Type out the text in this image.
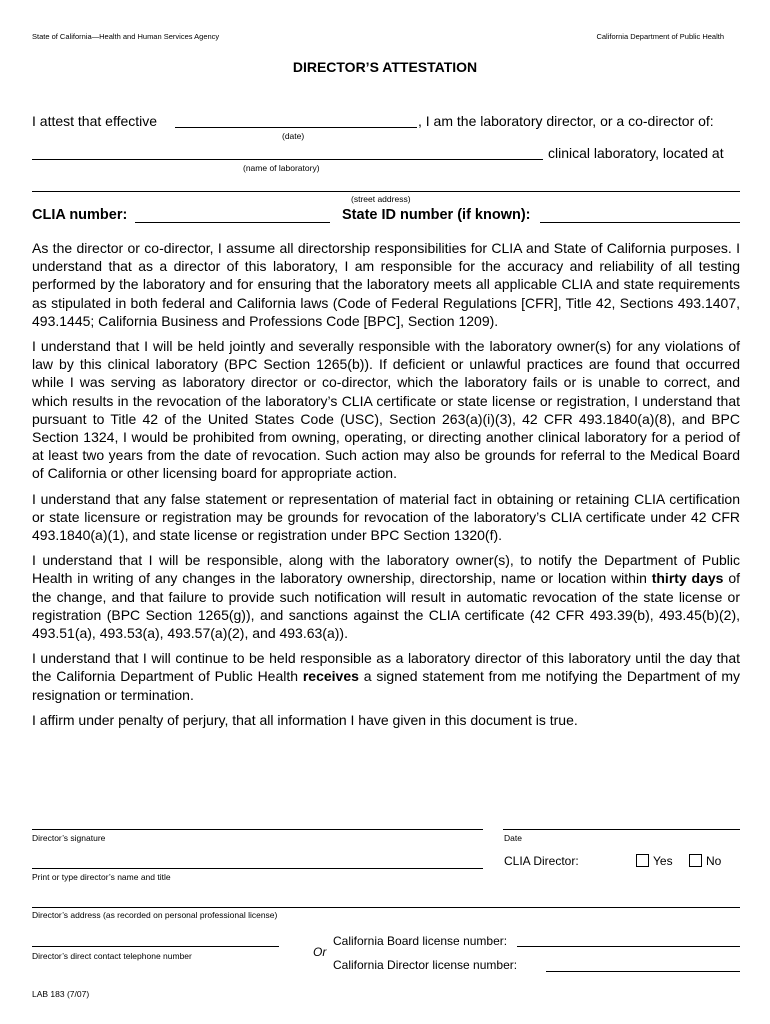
State of California—Health and Human Services Agency	California Department of Public Health
DIRECTOR’S ATTESTATION
I attest that effective	, I am the laboratory director, or a co-director of:
(date)
clinical laboratory, located at
(name of laboratory)
(street address)
CLIA number:	State ID number (if known):

As the director or co-director, I assume all directorship responsibilities for CLIA and State of California purposes. I understand that as a director of this laboratory, I am responsible for the accuracy and reliability of all testing performed by the laboratory and for ensuring that the laboratory meets all applicable CLIA and state requirements as stipulated in both federal and California laws (Code of Federal Regulations [CFR], Title 42, Sections 493.1407, 493.1445; California Business and Professions Code [BPC], Section 1209).

I understand that I will be held jointly and severally responsible with the laboratory owner(s) for any violations of law by this clinical laboratory (BPC Section 1265(b)). If deficient or unlawful practices are found that occurred while I was serving as laboratory director or co-director, which the laboratory fails or is unable to correct, and which results in the revocation of the laboratory’s CLIA certificate or state license or registration, I understand that pursuant to Title 42 of the United States Code (USC), Section 263(a)(i)(3), 42 CFR 493.1840(a)(8), and BPC Section 1324, I would be prohibited from owning, operating, or directing another clinical laboratory for a period of at least two years from the date of revocation. Such action may also be grounds for referral to the Medical Board of California or other licensing board for appropriate action.

I understand that any false statement or representation of material fact in obtaining or retaining CLIA certification or state licensure or registration may be grounds for revocation of the laboratory’s CLIA certificate under 42 CFR 493.1840(a)(1), and state license or registration under BPC Section 1320(f).

I understand that I will be responsible, along with the laboratory owner(s), to notify the Department of Public Health in writing of any changes in the laboratory ownership, directorship, name or location within thirty days of the change, and that failure to provide such notification will result in automatic revocation of the state license or registration (BPC Section 1265(g)), and sanctions against the CLIA certificate (42 CFR 493.39(b), 493.45(b)(2), 493.51(a), 493.53(a), 493.57(a)(2), and 493.63(a)).

I understand that I will continue to be held responsible as a laboratory director of this laboratory until the day that the California Department of Public Health receives a signed statement from me notifying the Department of my resignation or termination.

I affirm under penalty of perjury, that all information I have given in this document is true.

Director’s signature	Date
CLIA Director:	Yes	No
Print or type director’s name and title
Director’s address (as recorded on personal professional license)
Director’s direct contact telephone number	Or
California Board license number:
California Director license number:
LAB 183 (7/07)
